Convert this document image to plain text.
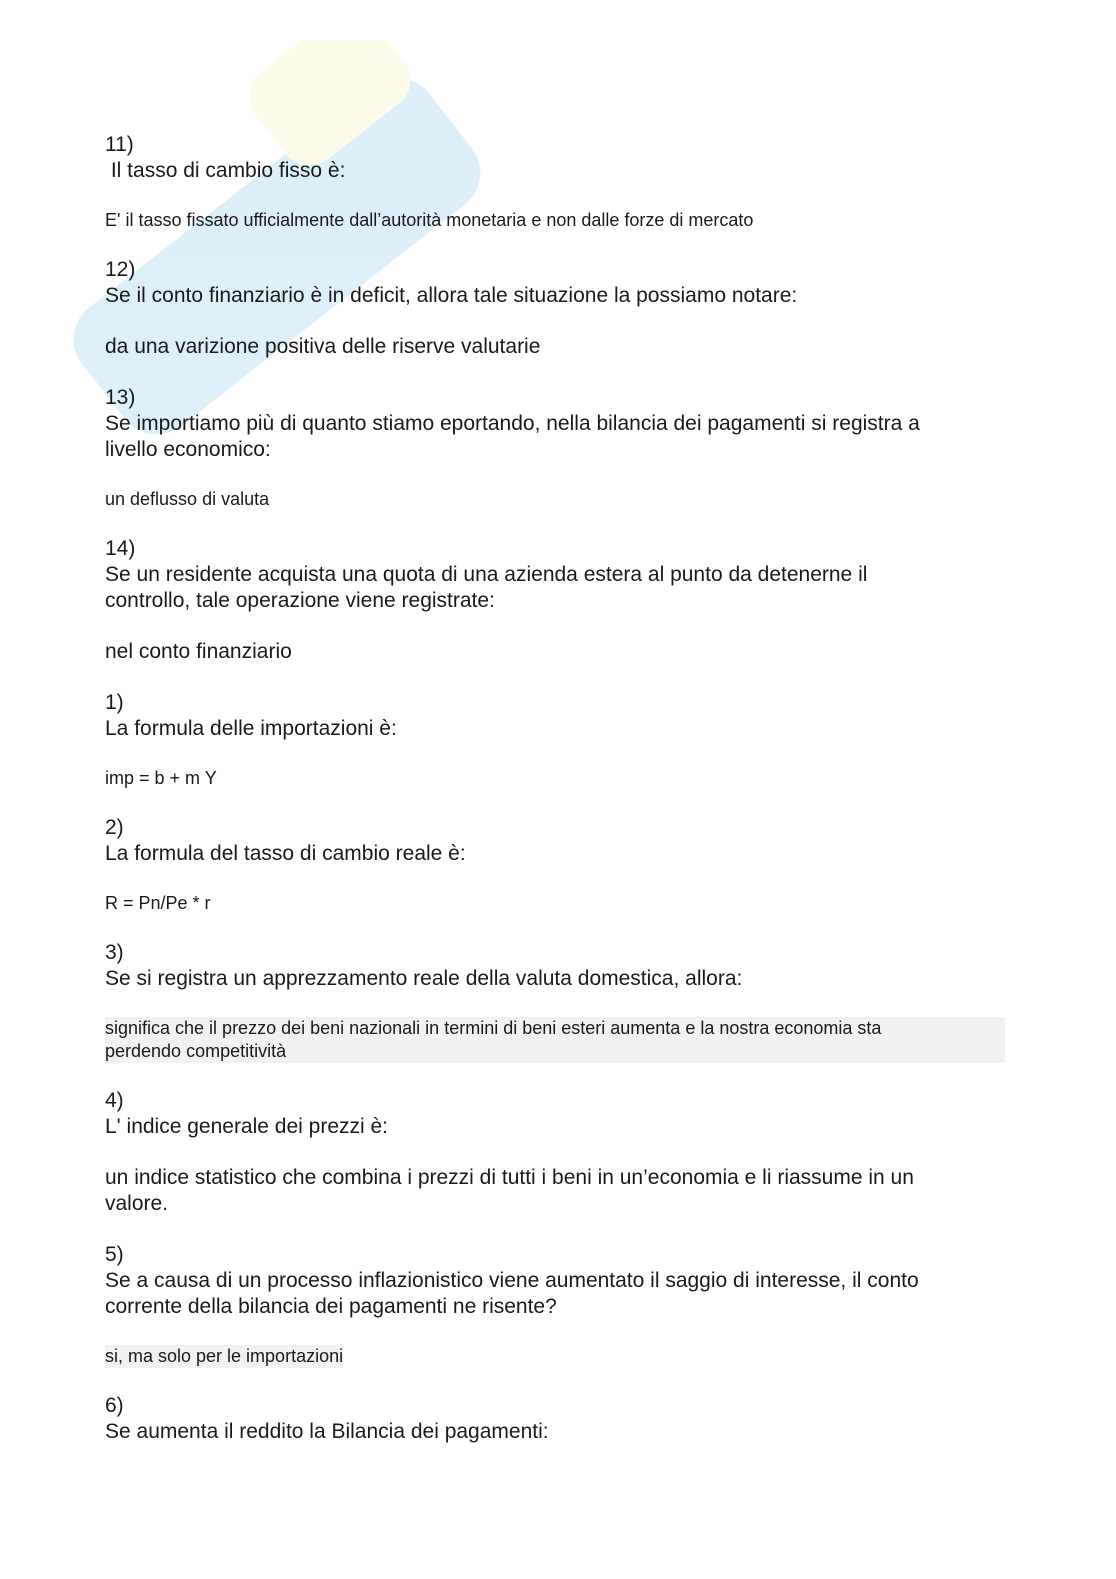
11)

Il tasso di cambio fisso è:

E' il tasso fissato ufficialmente dall’autorità monetaria e non dalle forze di mercato

12)

Se il conto finanziario è in deficit, allora tale situazione la possiamo notare:

da una varizione positiva delle riserve valutarie

13)

Se importiamo più di quanto stiamo eportando, nella bilancia dei pagamenti si registra a
livello economico:

un deflusso di valuta

14)

Se un residente acquista una quota di una azienda estera al punto da detenerne il
controllo, tale operazione viene registrate:

nel conto finanziario

1)

La formula delle importazioni è:

imp = b + m Y

2)

La formula del tasso di cambio reale è:

R = Pn/Pe * r

3)

Se si registra un apprezzamento reale della valuta domestica, allora:

significa che il prezzo dei beni nazionali in termini di beni esteri aumenta e la nostra economia sta
perdendo competitività

4)

L' indice generale dei prezzi è:

un indice statistico che combina i prezzi di tutti i beni in un’economia e li riassume in un
valore.

5)

Se a causa di un processo inflazionistico viene aumentato il saggio di interesse, il conto
corrente della bilancia dei pagamenti ne risente?

si, ma solo per le importazioni

6)

Se aumenta il reddito la Bilancia dei pagamenti:
